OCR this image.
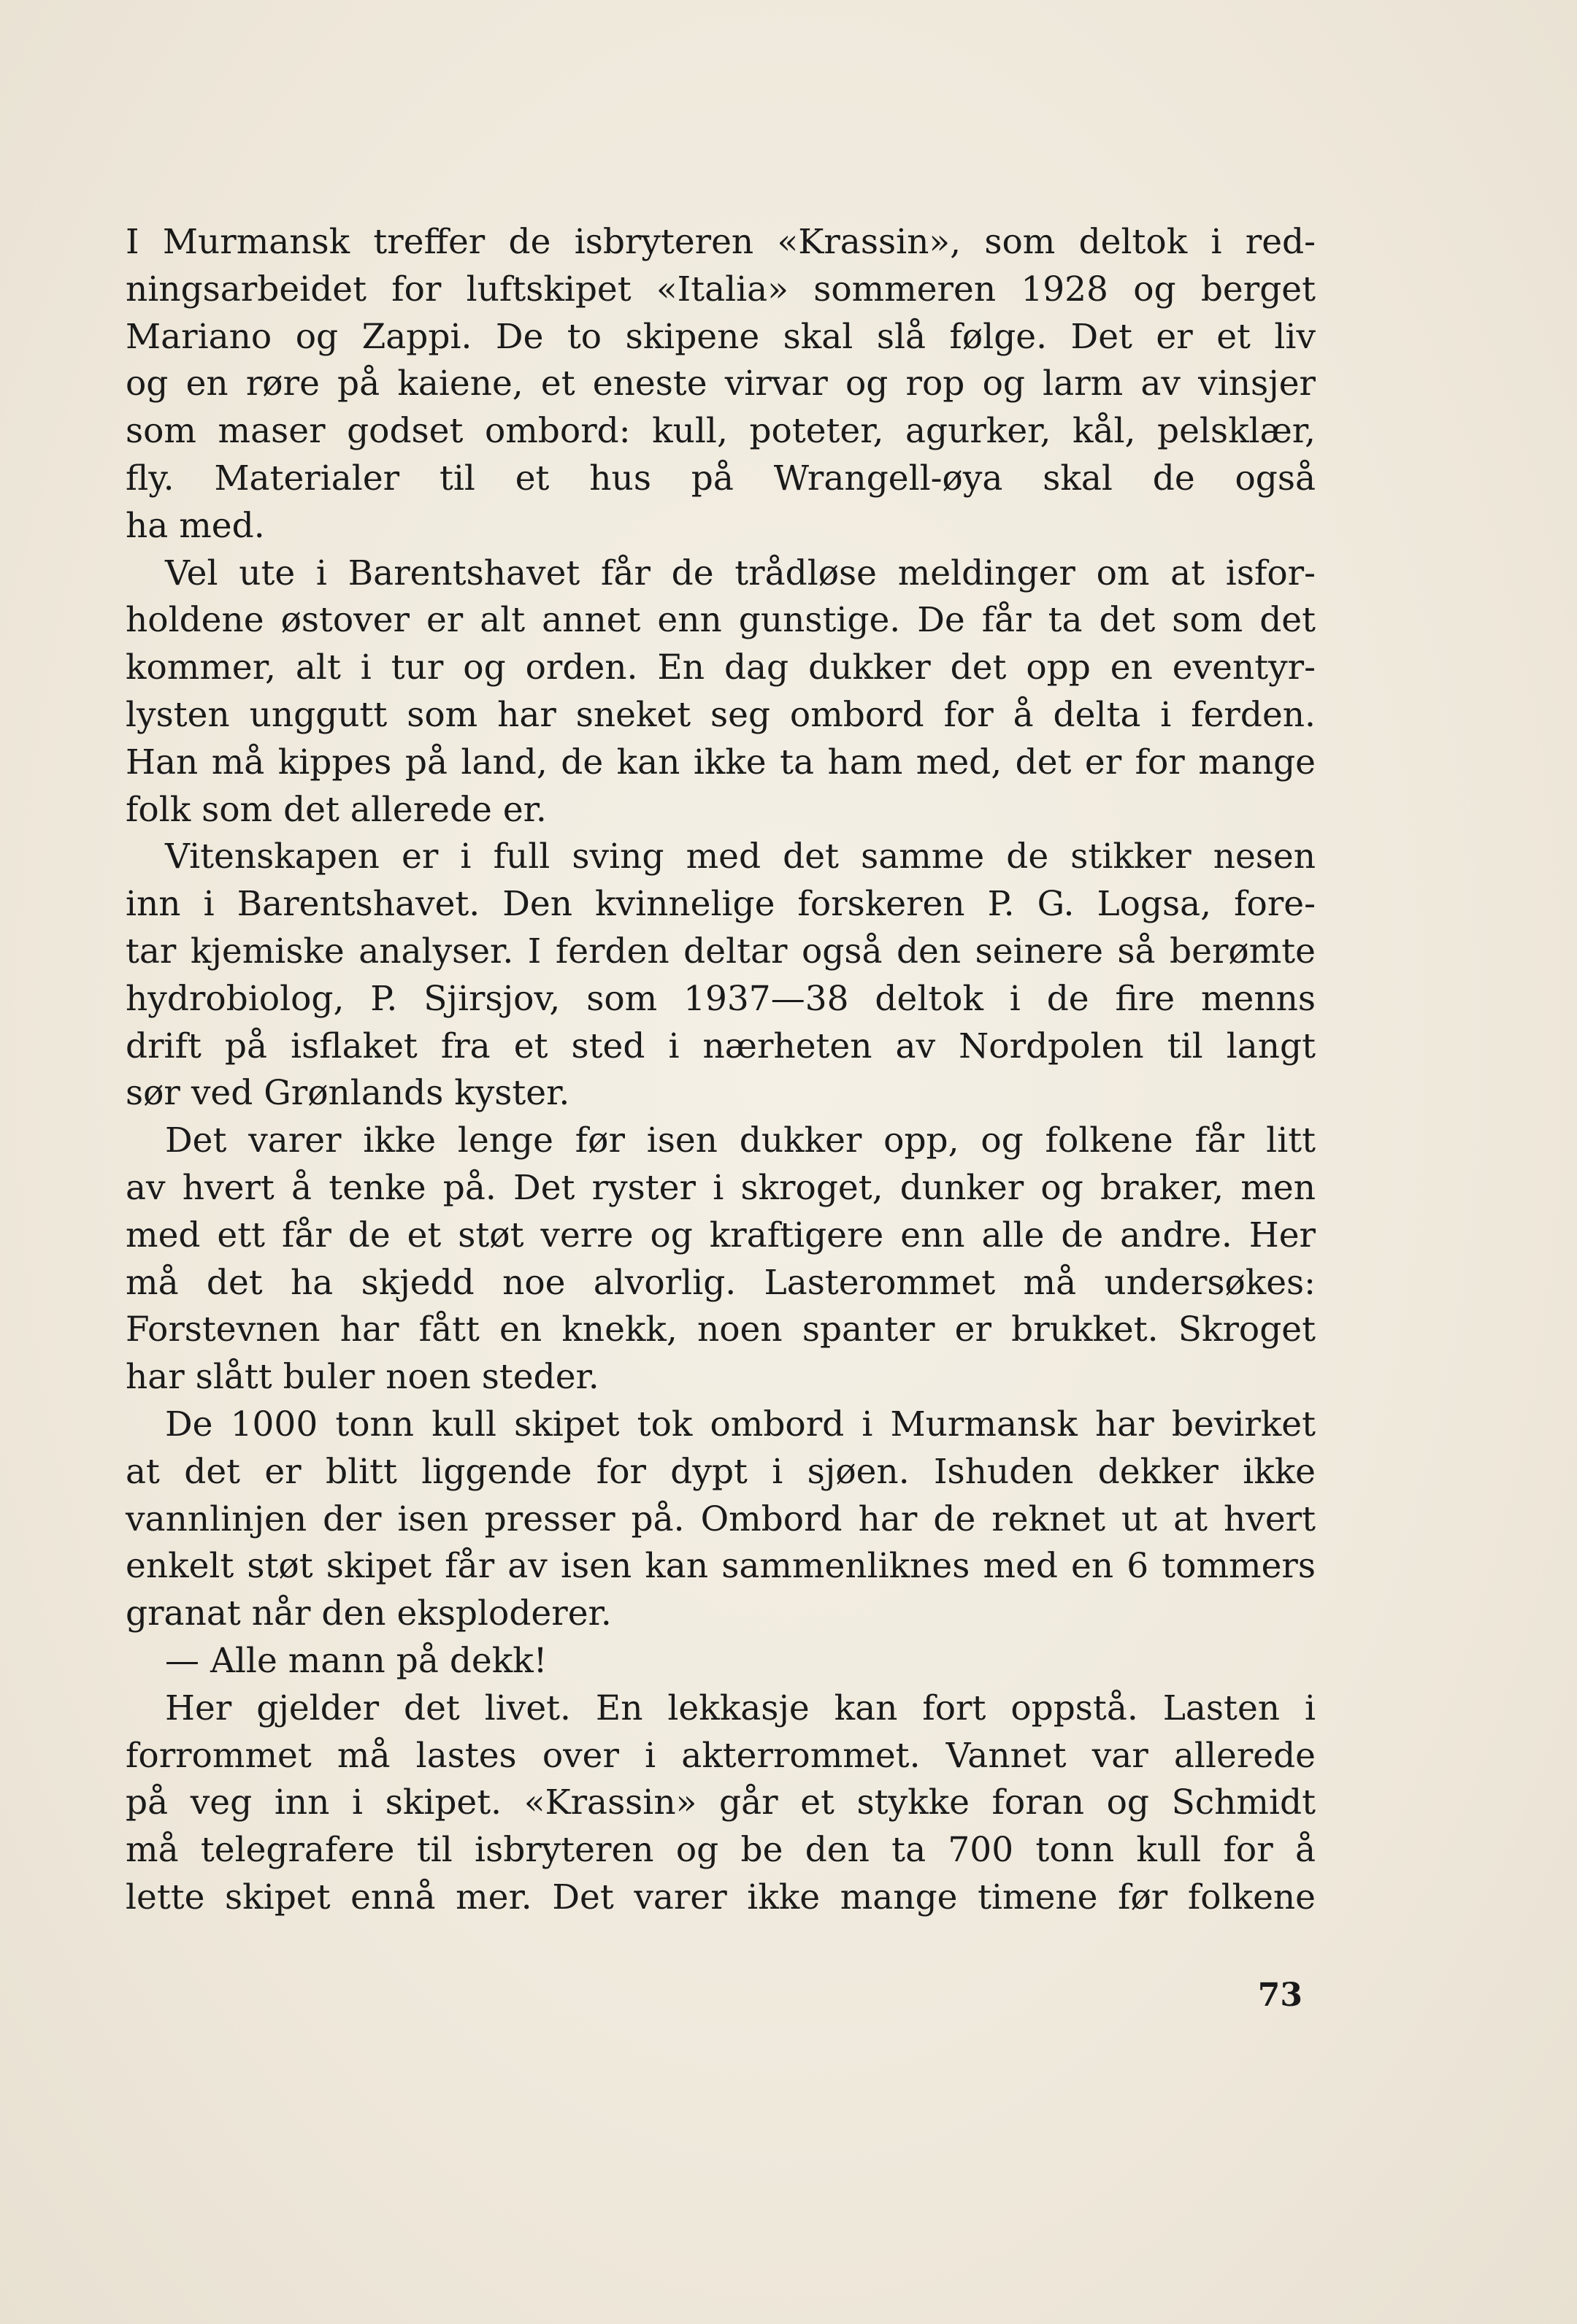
I Murmansk treffer de isbryteren «Krassin», som deltok i red-
ningsarbeidet for luftskipet «Italia» sommeren 1928 og berget
Mariano og Zappi. De to skipene skal slå følge. Det er et liv
og en røre på kaiene, et eneste virvar og rop og larm av vinsjer
som maser godset ombord: kull, poteter, agurker, kål, pelsklær,
fly. Materialer til et hus på Wrangell-øya skal de også
ha med.

Vel ute i Barentshavet får de trådløse meldinger om at isfor-
holdene østover er alt annet enn gunstige. De får ta det som det
kommer, alt i tur og orden. En dag dukker det opp en eventyr-
lysten unggutt som har sneket seg ombord for å delta i ferden.
Han må kippes på land, de kan ikke ta ham med, det er for mange
folk som det allerede er.

Vitenskapen er i full sving med det samme de stikker nesen
inn i Barentshavet. Den kvinnelige forskeren P. G. Logsa, fore-
tar kjemiske analyser. I ferden deltar også den seinere så berømte
hydrobiolog, P. Sjirsjov, som 1937—38 deltok i de fire menns
drift på isflaket fra et sted i nærheten av Nordpolen til langt
sør ved Grønlands kyster.

Det varer ikke lenge før isen dukker opp, og folkene får litt
av hvert å tenke på. Det ryster i skroget, dunker og braker, men
med ett får de et støt verre og kraftigere enn alle de andre. Her
må det ha skjedd noe alvorlig. Lasterommet må undersøkes:
Forstevnen har fått en knekk, noen spanter er brukket. Skroget
har slått buler noen steder.

De 1000 tonn kull skipet tok ombord i Murmansk har bevirket
at det er blitt liggende for dypt i sjøen. Ishuden dekker ikke
vannlinjen der isen presser på. Ombord har de reknet ut at hvert
enkelt støt skipet får av isen kan sammenliknes med en 6 tommers
granat når den eksploderer.

— Alle mann på dekk!

Her gjelder det livet. En lekkasje kan fort oppstå. Lasten i
forrommet må lastes over i akterrommet. Vannet var allerede
på veg inn i skipet. «Krassin» går et stykke foran og Schmidt
må telegrafere til isbryteren og be den ta 700 tonn kull for å
lette skipet ennå mer. Det varer ikke mange timene før folkene

73
